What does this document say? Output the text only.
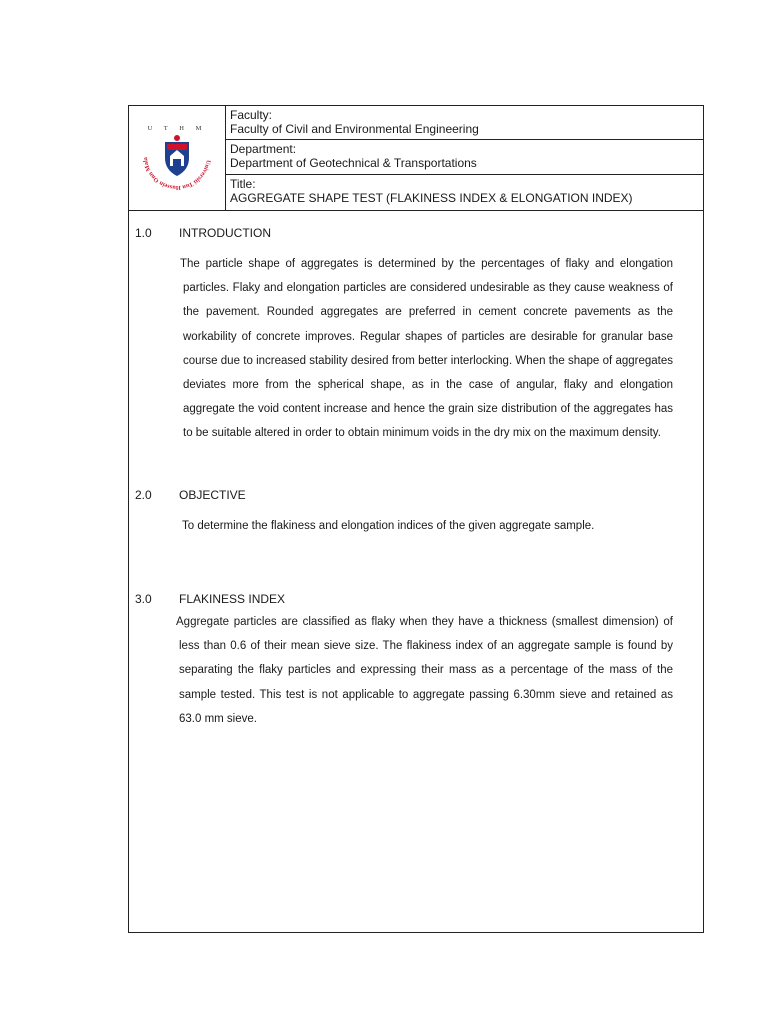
Universiti Tun Hussein Onn Mala
U T H M
Faculty:
Faculty of Civil and Environmental Engineering
Department:
Department of Geotechnical & Transportations
Title:
AGGREGATE SHAPE TEST (FLAKINESS INDEX & ELONGATION INDEX)
1.0 INTRODUCTION
The particle shape of aggregates is determined by the percentages of flaky and elongation particles. Flaky and elongation particles are considered undesirable as they cause weakness of the pavement. Rounded aggregates are preferred in cement concrete pavements as the workability of concrete improves. Regular shapes of particles are desirable for granular base course due to increased stability desired from better interlocking. When the shape of aggregates deviates more from the spherical shape, as in the case of angular, flaky and elongation aggregate the void content increase and hence the grain size distribution of the aggregates has to be suitable altered in order to obtain minimum voids in the dry mix on the maximum density.
2.0 OBJECTIVE
To determine the flakiness and elongation indices of the given aggregate sample.
3.0 FLAKINESS INDEX
Aggregate particles are classified as flaky when they have a thickness (smallest dimension) of less than 0.6 of their mean sieve size. The flakiness index of an aggregate sample is found by separating the flaky particles and expressing their mass as a percentage of the mass of the sample tested. This test is not applicable to aggregate passing 6.30mm sieve and retained as 63.0 mm sieve.
